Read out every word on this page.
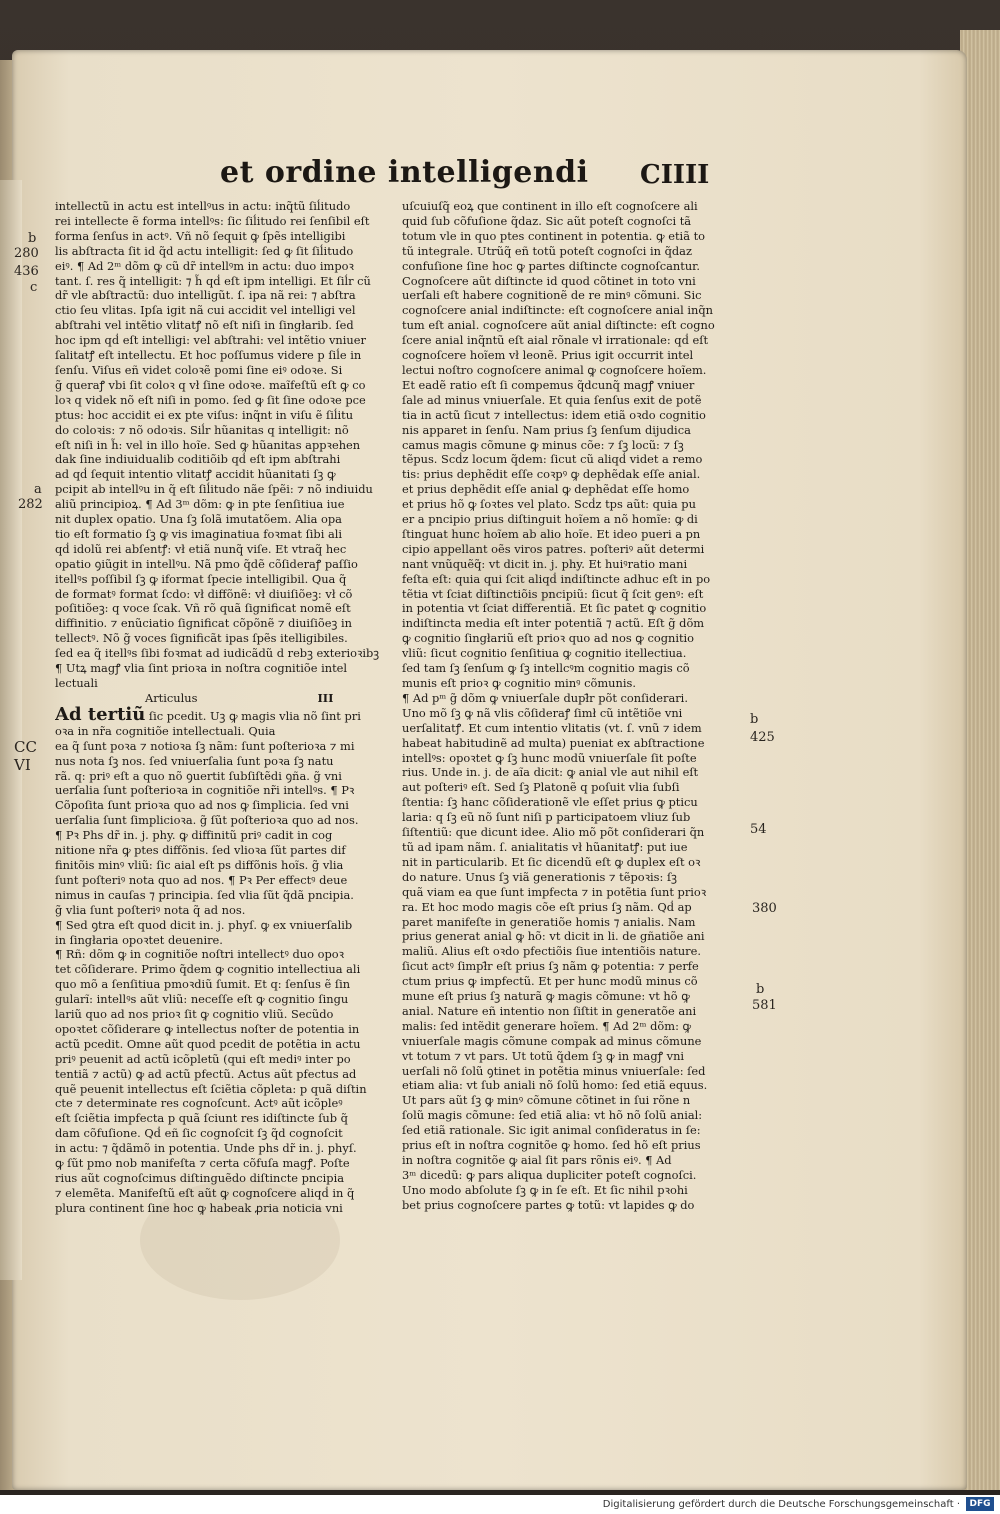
et ordine intelligendi CIIII

intellectũ in actu est intellꝰus in actu: inq̃tũ ſiĺitudo

rei intellecte ẽ forma intellꝰs: ſic ſiĺitudo rei ſenſibil eſt

forma ſenſus in actꝰ. Vñ nõ ſequit ꝙ ſpẽs intelligibi

lis abſtracta ſit id q̃d actu intelligit: ſed ꝙ ſit ſiĺitudo

eiꝰ. ¶ Ad 2ᵐ dõm ꝙ cũ dr̃ intellꝰm in actu: duo impoꝛ

tant. ſ. res q̃ intelligit: ⁊ h̃ qḋ eſt ipm intelligi. Et ſiĺr cũ

dr̃ vle abſtractũ: duo intelligũt. ſ. ipa nã rei: ⁊ abſtra

ctio ſeu vlitas. Ipſa igit nã cui accidit vel intelligi vel

abſtrahi vel intẽtio vlitatꝭ nõ eſt niſi in ſingłarib. ſed

hoc ipm qḋ eſt intelligi: vel abſtrahi: vel intẽtio vniuer

ſalitatꝭ eſt intellectu. Et hoc poſſumus videre p ſiĺe in

ſenſu. Viſus eñ videt coloꝛẽ pomi ſine eiꝰ odoꝛe. Si

g̃ queraꝭ vbi ſit coloꝛ q vł ſine odoꝛe. maĩfeſtũ eſt ꝙ co

loꝛ q videk nõ eſt niſi in pomo. ſed ꝙ ſit ſine odoꝛe pce

ptus: hoc accidit ei ex pte viſus: inq̃nt in viſu ẽ ſiĺitu

do coloꝛis: ⁊ nõ odoꝛis. Siĺr hũanitas q intelligit: nõ

eſt niſi in h̃: vel in illo hoĩe. Sed ꝙ hũanitas appꝛehen

dak ſine indiuidualib coditiõib qḋ eſt ipm abſtrahi

ad qḋ ſequit intentio vlitatꝭ accidit hũanitati ſꝫ ꝙ

pcipit ab intellꝰu in q̃ eſt ſiĺitudo nãe ſpẽi: ⁊ nõ indiuidu

aliũ principioꝝ. ¶ Ad 3ᵐ dõm: ꝙ in pte ſenſitiua iue

nit duplex opatio. Una ſꝫ ſolã imutatõem. Alia opa

tio eſt formatio ſꝫ ꝙ vis imaginatiua foꝛmat ſibi ali

qḋ idolũ rei abſentꝭ: vł etiã nunq̃ viſe. Et vtraq̃ hec

opatio ꝯiũgit in intellꝰu. Nã pmo q̃dẽ cõſideraꝭ paſſio

itellꝰs poſſibil ſꝫ ꝙ iformat ſpecie intelligibil. Qua q̃

de formatꝰ format ſcdo: vł diffõnẽ: vł diuiſiõeꝫ: vł cõ

poſitiõeꝫ: q voce ſcak. Vñ rõ quã ſignificat nomẽ eſt

diffinitio. ⁊ enũciatio ſignificat cõpõnẽ ⁊ diuiſiõeꝫ in

tellectꝰ. Nõ g̃ voces ſignificãt ipas ſpẽs itelligibiles.

ſed ea q̃ itellꝰs ſibi foꝛmat ad iudicãdũ d rebꝫ exterioꝛibꝫ

¶ Utꝝ magꝭ vlia ſint prioꝛa in noſtra cognitiõe intel

lectuali

Articulus	III

Ad tertiũ ſic pcedit. Uꝫ ꝙ magis vlia nõ ſint pri

oꝛa in nr̃a cognitiõe intellectuali. Quia

ea q̃ ſunt poꝛa ⁊ notioꝛa ſꝫ nãm: ſunt poſterioꝛa ⁊ mi

nus nota ſꝫ nos. ſed vniuerſalia ſunt poꝛa ſꝫ natu

rã. q: priꝰ eſt a quo nõ ꝯuertit ſubſiſtẽdi ꝯña. g̃ vni

uerſalia ſunt poſterioꝛa in cognitiõe nr̃i intellꝰs. ¶ Pꝛ

Cõpoſita ſunt prioꝛa quo ad nos ꝙ ſimplicia. ſed vni

uerſalia ſunt ſimplicioꝛa. g̃ ſũt poſterioꝛa quo ad nos.

¶ Pꝛ Phs dr̃ in. j. phy. ꝙ diffinitũ priꝰ cadit in cog

nitione nr̃a ꝙ ptes diffõnis. ſed vlioꝛa ſũt partes dif

finitõis minꝰ vliũ: ſic aial eſt ps diffõnis hoĩs. g̃ vlia

ſunt poſteriꝰ nota quo ad nos. ¶ Pꝛ Per effectꝰ deue

nimus in cauſas ⁊ principia. ſed vlia ſũt q̃dã pncipia.

g̃ vlia ſunt poſteriꝰ nota q̃ ad nos.

¶ Sed ꝯtra eſt quod dicit in. j. phyſ. ꝙ ex vniuerſalib

in ſingłaria opoꝛtet deuenire.

¶ Rñ: dõm ꝙ in cognitiõe noſtri intellectꝰ duo opoꝛ

tet cõſiderare. Primo q̃dem ꝙ cognitio intellectiua ali

quo mõ a ſenſitiua pmoꝛdiũ ſumit. Et q: ſenſus ẽ ſin

gularĩ: intellꝰs aũt vliũ: neceſſe eſt ꝙ cognitio ſingu

lariũ quo ad nos prioꝛ ſit ꝙ cognitio vliũ. Secũdo

opoꝛtet cõſiderare ꝙ intellectus noſter de potentia in

actũ pcedit. Omne aũt quod pcedit de potẽtia in actu

priꝰ peuenit ad actũ icõpletũ (qui eſt mediꝰ inter po

tentiã ⁊ actũ) ꝙ ad actũ pfectũ. Actus aũt pfectus ad

quẽ peuenit intellectus eſt ſciẽtia cõpleta: p quã diſtin

cte ⁊ determinate res cognoſcunt. Actꝰ aũt icõpleꝰ

eſt ſciẽtia impfecta p quã ſciunt res idiſtincte ſub q̃

dam cõfuſione. Qḋ eñ ſic cognoſcit ſꝫ q̃d cognoſcit

in actu: ⁊ q̃dãmõ in potentia. Unde phs dr̃ in. j. phyſ.

ꝙ ſũt pmo nob manifeſta ⁊ certa cõfuſa magꝭ. Poſte

rius aũt cognoſcimus diſtinguẽdo diſtincte pncipia

⁊ elemẽta. Manifeſtũ eſt aũt ꝙ cognoſcere aliqḋ in q̃

plura continent ſine hoc ꝙ habeak ꝓria noticia vni

uſcuiuſq̃ eoꝝ que continent in illo eſt cognoſcere ali

quid ſub cõfuſione q̃daz. Sic aũt poteſt cognoſci tã

totum vle in quo ptes continent in potentia. ꝙ etiã to

tũ integrale. Utrũq̃ eñ totũ poteſt cognoſci in q̃daz

confuſione ſine hoc ꝙ partes diſtincte cognoſcantur.

Cognoſcere aũt diſtincte id quod cõtinet in toto vni

uerſali eſt habere cognitionẽ de re minꝰ cõmuni. Sic

cognoſcere anial indiſtincte: eſt cognoſcere anial inq̃n

tum eſt anial. cognoſcere aũt anial diſtincte: eſt cogno

ſcere anial inq̃ntũ eſt aial rõnale vł irrationale: qḋ eſt

cognoſcere hoĩem vł leonẽ. Prius igit occurrit intel

lectui noſtro cognoſcere animal ꝙ cognoſcere hoĩem.

Et eadẽ ratio eſt ſi compemus q̃dcunq̃ magꝭ vniuer

ſale ad minus vniuerſale. Et quia ſenſus exit de potẽ

tia in actũ ſicut ⁊ intellectus: idem etiã oꝛdo cognitio

nis apparet in ſenſu. Nam prius ſꝫ ſenſum dijudica

camus magis cõmune ꝙ minus cõe: ⁊ ſꝫ locũ: ⁊ ſꝫ

tẽpus. Scḋz locum q̃dem: ſicut cũ aliqḋ videt a remo

tis: prius dephẽdit eſſe coꝛpꝰ ꝙ dephẽdak eſſe anial.

et prius dephẽdit eſſe anial ꝙ dephẽdat eſſe homo

et prius hõ ꝙ ſoꝛtes vel plato. Scḋz tps aũt: quia pu

er a pncipio prius diſtinguit hoĩem a nõ homĩe: ꝙ di

ſtinguat hunc hoĩem ab alio hoĩe. Et ideo pueri a pn

cipio appellant oẽs viros patres. poſteriꝰ aũt determi

nant vnũquẽq̃: vt dicit in. j. phy. Et huiꝰratio mani

feſta eſt: quia qui ſcit aliqḋ indiſtincte adhuc eſt in po

tẽtia vt ſciat diſtinctiõis pncipiũ: ſicut q̃ ſcit genꝰ: eſt

in potentia vt ſciat differentiã. Et ſic patet ꝙ cognitio

indiſtincta media eſt inter potentiã ⁊ actũ. Eſt g̃ dõm

ꝙ cognitio ſingłariũ eſt prioꝛ quo ad nos ꝙ cognitio

vliũ: ſicut cognitio ſenſitiua ꝙ cognitio itellectiua.

ſed tam ſꝫ ſenſum ꝙ ſꝫ intellcꝰm cognitio magis cõ

munis eſt prioꝛ ꝙ cognitio minꝰ cõmunis.

¶ Ad pᵐ g̃ dõm ꝙ vniuerſale dupł̃r põt conſiderari.

Uno mõ ſꝫ ꝙ nã vlis cõſideraꝭ ſimł cũ intẽtiõe vni

uerſalitatꝭ. Et cum intentio vlitatis (vt. ſ. vnũ ⁊ idem

habeat habitudinẽ ad multa) pueniat ex abſtractione

intellꝰs: opoꝛtet ꝙ ſꝫ hunc modũ vniuerſale ſit poſte

rius. Unde in. j. de aĩa dicit: ꝙ anial vle aut nihil eſt

aut poſteriꝰ eſt. Sed ſꝫ Platonẽ q poſuit vlia ſubſi

ſtentia: ſꝫ hanc cõſiderationẽ vle eſſet prius ꝙ pticu

laria: q ſꝫ eũ nõ ſunt niſi p participatoem vliuz ſub

ſiſtentiũ: que dicunt idee. Alio mõ põt conſiderari q̃n

tũ ad ipam nãm. ſ. anialitatis vł hũanitatꝭ: put iue

nit in particularib. Et ſic dicendũ eſt ꝙ duplex eſt oꝛ

do nature. Unus ſꝫ viã generationis ⁊ tẽpoꝛis: ſꝫ

quã viam ea que ſunt impfecta ⁊ in potẽtia ſunt prioꝛ

ra. Et hoc modo magis cõe eſt prius ſꝫ nãm. Qḋ ap

paret manifeſte in generatiõe homis ⁊ anialis. Nam

prius generat anial ꝙ hõ: vt dicit in li. de gñatiõe ani

maliũ. Alius eſt oꝛdo pfectiõis ſiue intentiõis nature.

ſicut actꝰ ſimpł̃r eſt prius ſꝫ nãm ꝙ potentia: ⁊ perfe

ctum prius ꝙ impfectũ. Et per hunc modũ minus cõ

mune eſt prius ſꝫ naturã ꝙ magis cõmune: vt hõ ꝙ

anial. Nature eñ intentio non ſiſtit in generatõe ani

malis: ſed intẽdit generare hoĩem. ¶ Ad 2ᵐ dõm: ꝙ

vniuerſale magis cõmune compak ad minus cõmune

vt totum ⁊ vt pars. Ut totũ q̃dem ſꝫ ꝙ in magꝭ vni

uerſali nõ ſolũ ꝯtinet in potẽtia minus vniuerſale: ſed

etiam alia: vt ſub aniali nõ ſolũ homo: ſed etiã equus.

Ut pars aũt ſꝫ ꝙ minꝰ cõmune cõtinet in ſui rõne n

ſolũ magis cõmune: ſed etiã alia: vt hõ nõ ſolũ anial:

ſed etiã rationale. Sic igit animal conſideratus in ſe:

prius eſt in noſtra cognitõe ꝙ homo. ſed hõ eſt prius

in noſtra cognitõe ꝙ aial ſit pars rõnis eiꝰ. ¶ Ad

3ᵐ dicedũ: ꝙ pars aliqua dupliciter poteſt cognoſci.

Uno modo abſolute ſꝫ ꝙ in ſe eſt. Et ſic nihil pꝛohi

bet prius cognoſcere partes ꝙ totũ: vt lapides ꝙ do

b
280
436
c
a
282
CC
VI
b
425
54
380
b
581
Digitalisierung gefördert durch die Deutsche Forschungsgemeinschaft ·	DFG
